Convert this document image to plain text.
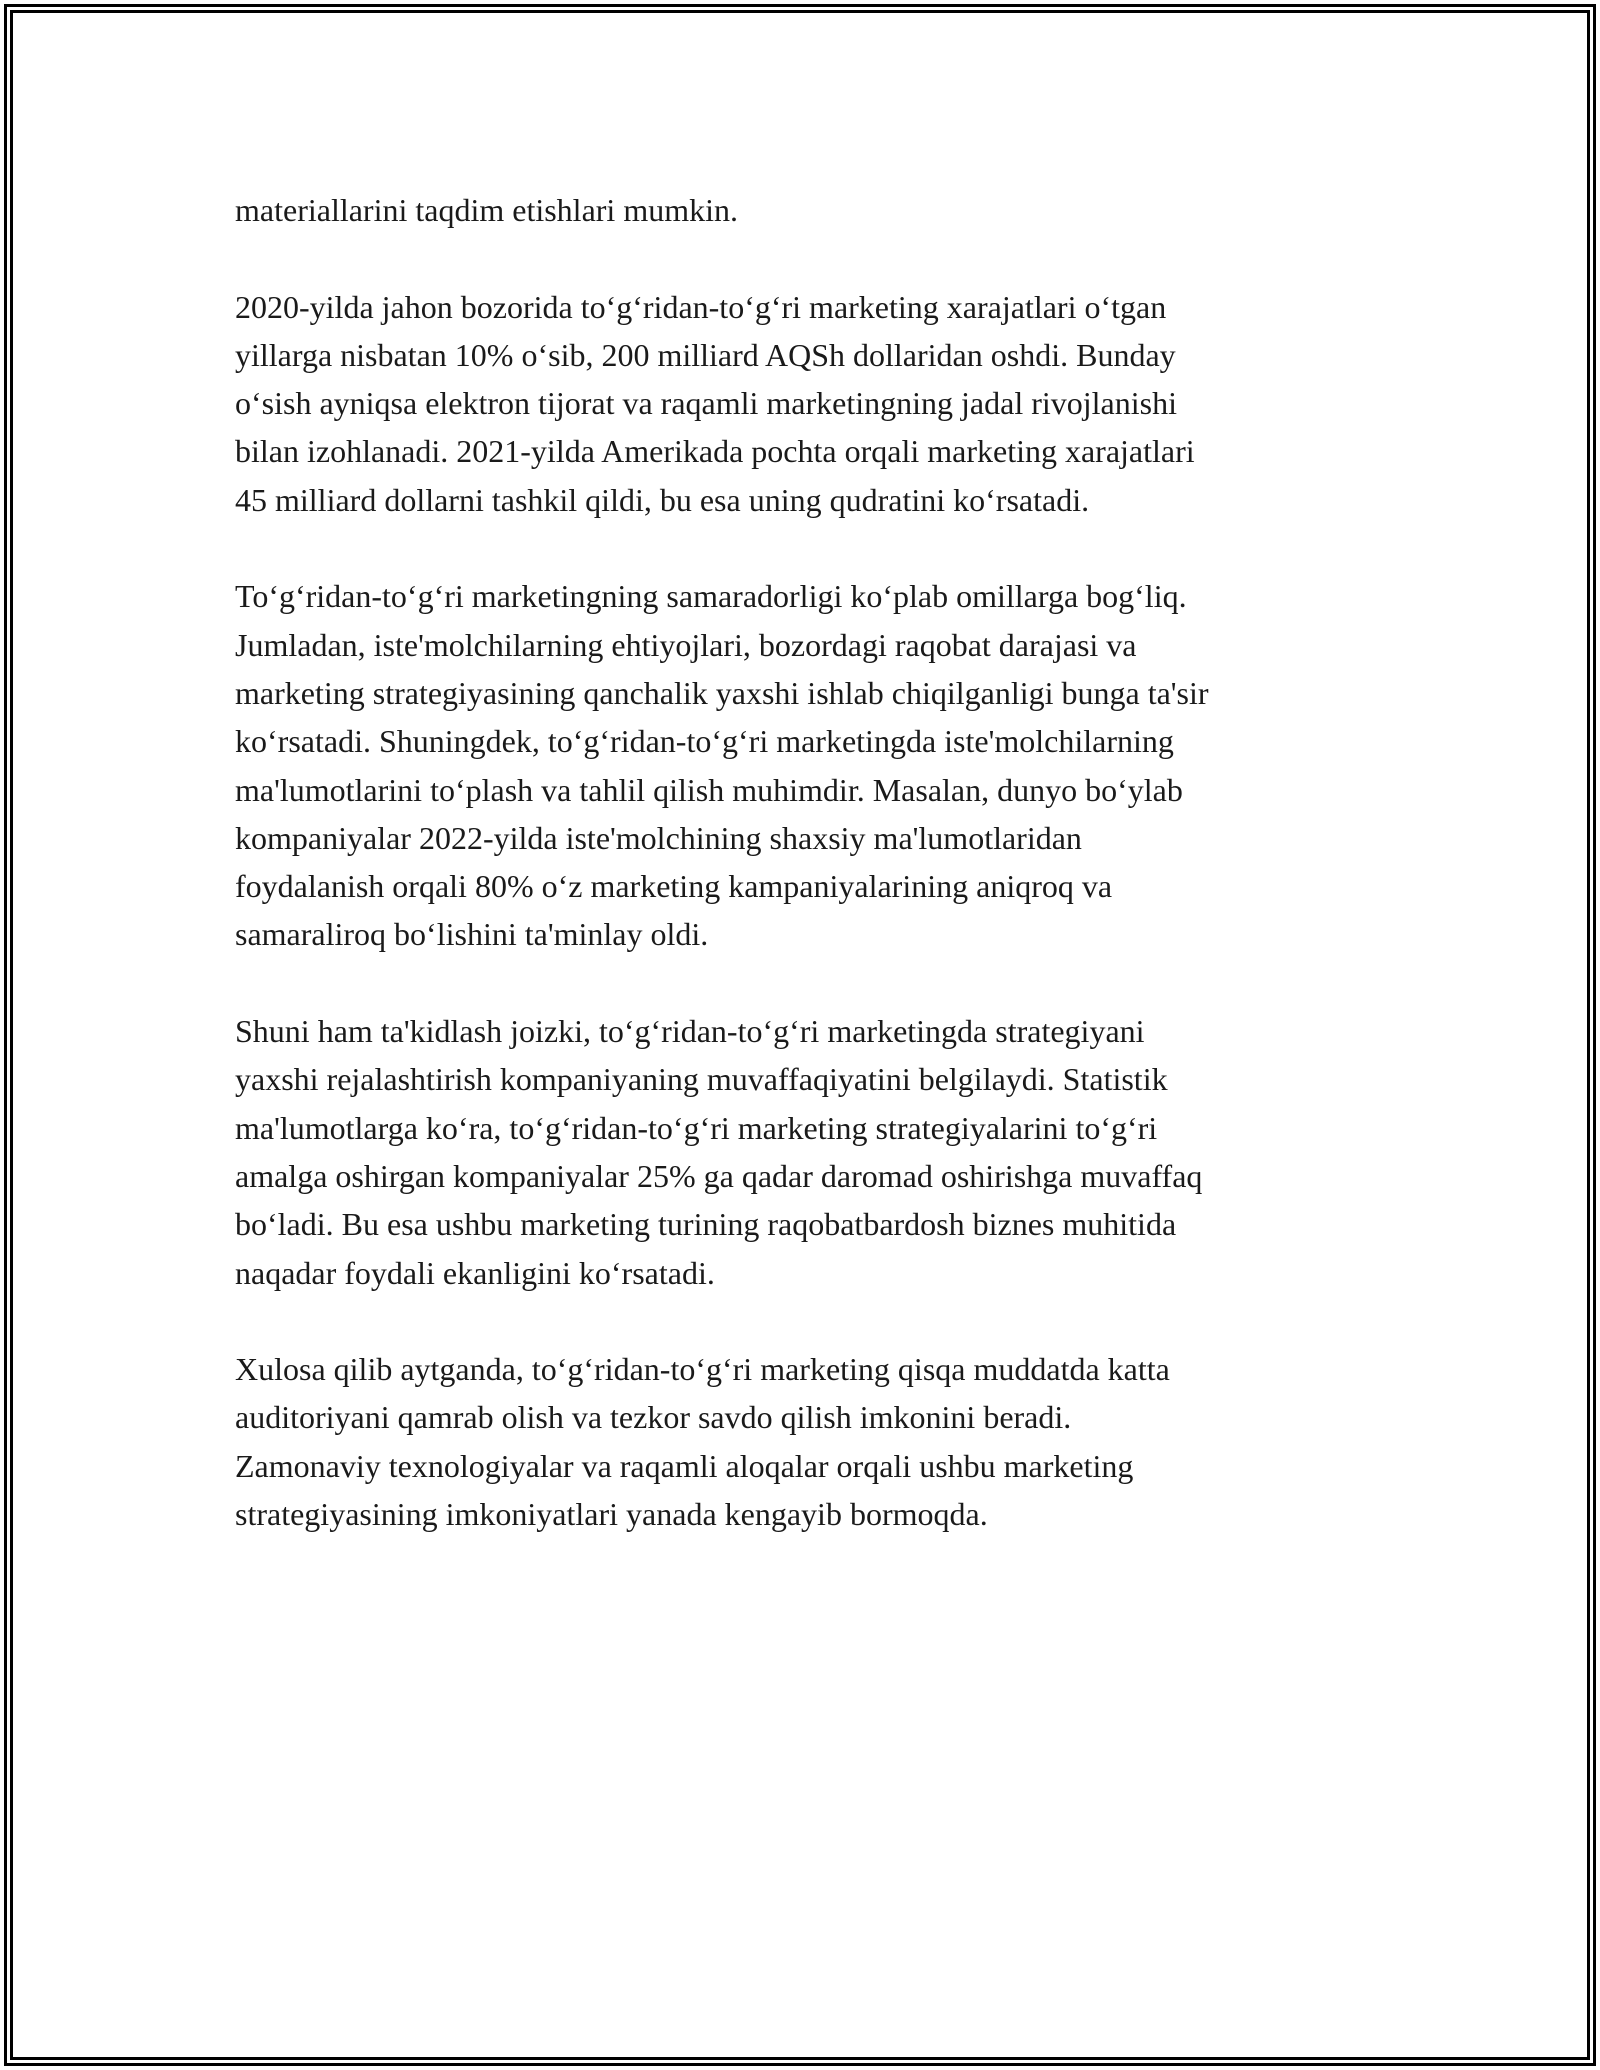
materiallarini taqdim etishlari mumkin.

2020-yilda jahon bozorida to‘g‘ridan-to‘g‘ri marketing xarajatlari o‘tgan
yillarga nisbatan 10% o‘sib, 200 milliard AQSh dollaridan oshdi. Bunday
o‘sish ayniqsa elektron tijorat va raqamli marketingning jadal rivojlanishi
bilan izohlanadi. 2021-yilda Amerikada pochta orqali marketing xarajatlari
45 milliard dollarni tashkil qildi, bu esa uning qudratini ko‘rsatadi.

To‘g‘ridan-to‘g‘ri marketingning samaradorligi ko‘plab omillarga bog‘liq.
Jumladan, iste'molchilarning ehtiyojlari, bozordagi raqobat darajasi va
marketing strategiyasining qanchalik yaxshi ishlab chiqilganligi bunga ta'sir
ko‘rsatadi. Shuningdek, to‘g‘ridan-to‘g‘ri marketingda iste'molchilarning
ma'lumotlarini to‘plash va tahlil qilish muhimdir. Masalan, dunyo bo‘ylab
kompaniyalar 2022-yilda iste'molchining shaxsiy ma'lumotlaridan
foydalanish orqali 80% o‘z marketing kampaniyalarining aniqroq va
samaraliroq bo‘lishini ta'minlay oldi.

Shuni ham ta'kidlash joizki, to‘g‘ridan-to‘g‘ri marketingda strategiyani
yaxshi rejalashtirish kompaniyaning muvaffaqiyatini belgilaydi. Statistik
ma'lumotlarga ko‘ra, to‘g‘ridan-to‘g‘ri marketing strategiyalarini to‘g‘ri
amalga oshirgan kompaniyalar 25% ga qadar daromad oshirishga muvaffaq
bo‘ladi. Bu esa ushbu marketing turining raqobatbardosh biznes muhitida
naqadar foydali ekanligini ko‘rsatadi.

Xulosa qilib aytganda, to‘g‘ridan-to‘g‘ri marketing qisqa muddatda katta
auditoriyani qamrab olish va tezkor savdo qilish imkonini beradi.
Zamonaviy texnologiyalar va raqamli aloqalar orqali ushbu marketing
strategiyasining imkoniyatlari yanada kengayib bormoqda.
